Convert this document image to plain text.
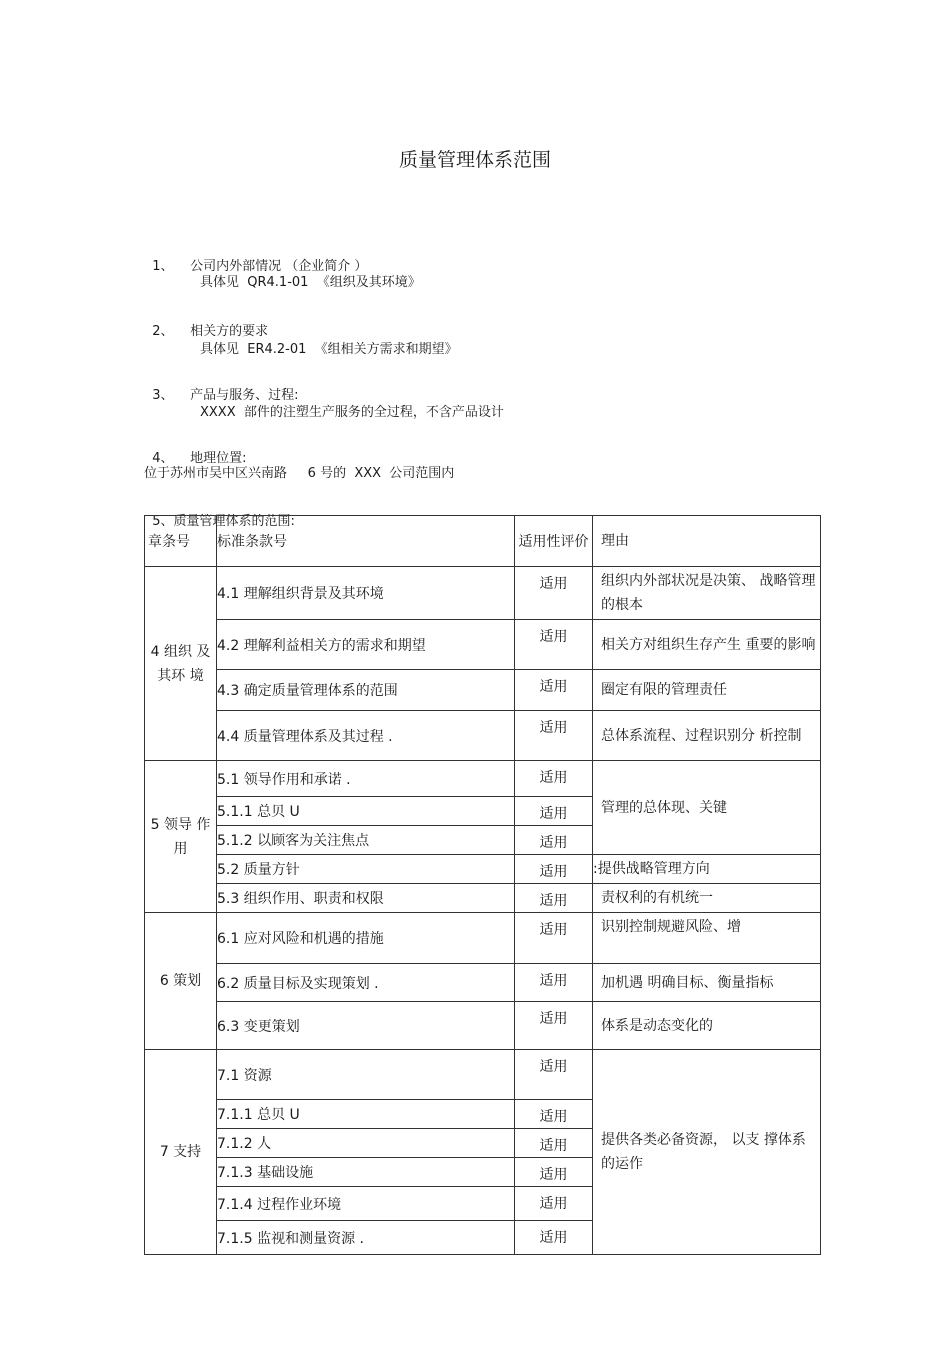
质量管理体系范围

1、 公司内外部情况 （企业简介 ）

具体见  QR4.1-01  《组织及其环境》

2、 相关方的要求

具体见  ER4.2-01  《组相关方需求和期望》

3、 产品与服务、过程:

XXXX  部件的注塑生产服务的全过程，不含产品设计

4、 地理位置:

位于苏州市吴中区兴南路     6 号的  XXX  公司范围内

5、质量管理体系的范围:

章条号	标准条款号	适用性评价	理由
4 组织 及其环 境	4.1 理解组织背景及其环境	适用	组织内外部状况是决策、 战略管理的根本
	4.2 理解利益相关方的需求和期望	适用	相关方对组织生存产生 重要的影响
	4.3 确定质量管理体系的范围	适用	圈定有限的管理责任
	4.4 质量管理体系及其过程 .	适用	总体系流程、过程识别分 析控制
5 领导 作用	5.1 领导作用和承诺 .	适用	管理的总体现、关键
	5.1.1 总贝 U	适用	
	5.1.2 以顾客为关注焦点	适用	
	5.2 质量方针	适用	:提供战略管理方向
	5.3 组织作用、职责和权限	适用	责权利的有机统一
6 策划	6.1 应对风险和机遇的措施	适用	识别控制规避风险、增
	6.2 质量目标及实现策划 .	适用	加机遇 明确目标、衡量指标
	6.3 变更策划	适用	体系是动态变化的
7 支持	7.1 资源	适用	提供各类必备资源， 以支 撑体系的运作
	7.1.1 总贝 U	适用	
	7.1.2 人	适用	
	7.1.3 基础设施	适用	
	7.1.4 过程作业环境	适用	
	7.1.5 监视和测量资源 .	适用	
